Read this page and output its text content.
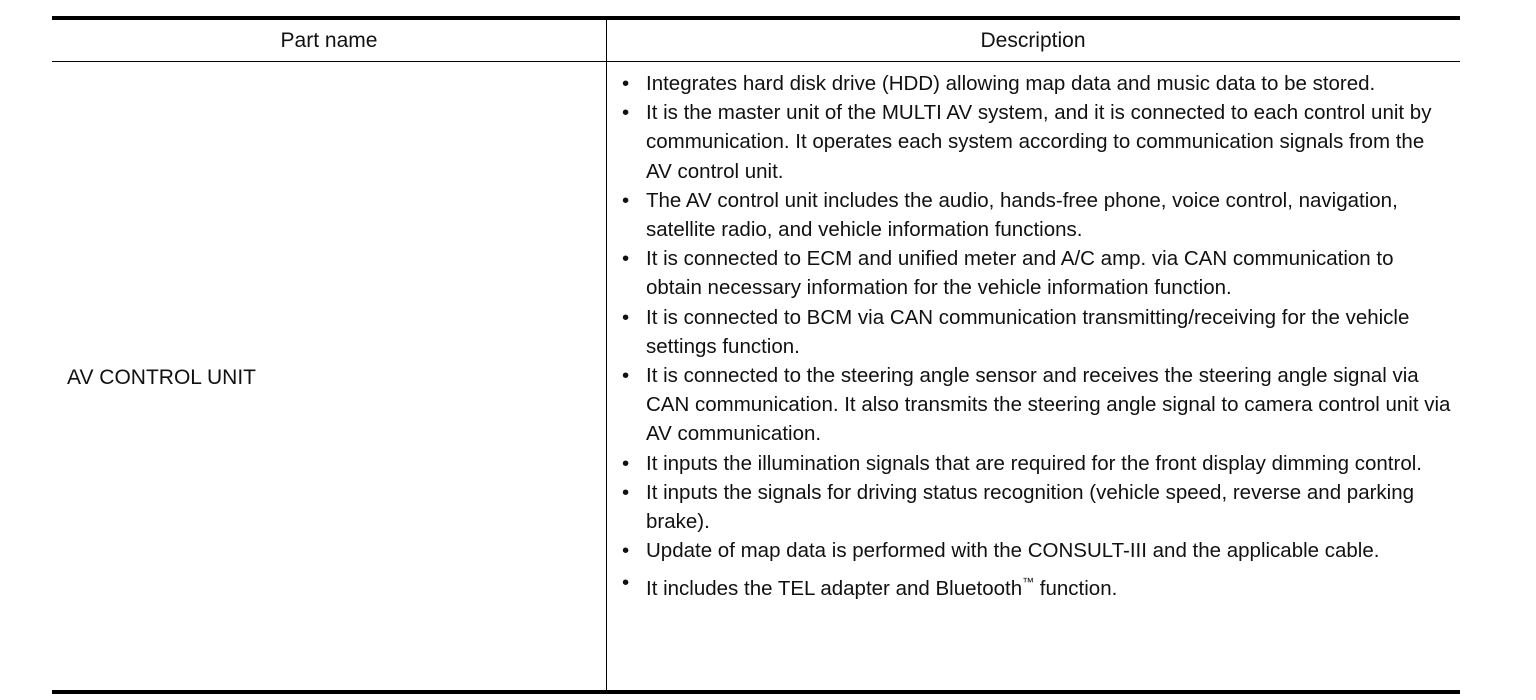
Part name	Description
AV CONTROL UNIT
• Integrates hard disk drive (HDD) allowing map data and music data to be stored.
• It is the master unit of the MULTI AV system, and it is connected to each control unit by communication. It operates each system according to communication signals from the AV control unit.
• The AV control unit includes the audio, hands-free phone, voice control, navigation, satellite radio, and vehicle information functions.
• It is connected to ECM and unified meter and A/C amp. via CAN communication to obtain necessary information for the vehicle information function.
• It is connected to BCM via CAN communication transmitting/receiving for the vehicle settings function.
• It is connected to the steering angle sensor and receives the steering angle signal via CAN communication. It also transmits the steering angle signal to camera control unit via AV communication.
• It inputs the illumination signals that are required for the front display dimming control.
• It inputs the signals for driving status recognition (vehicle speed, reverse and parking brake).
• Update of map data is performed with the CONSULT-III and the applicable cable.
• It includes the TEL adapter and Bluetooth™ function.
